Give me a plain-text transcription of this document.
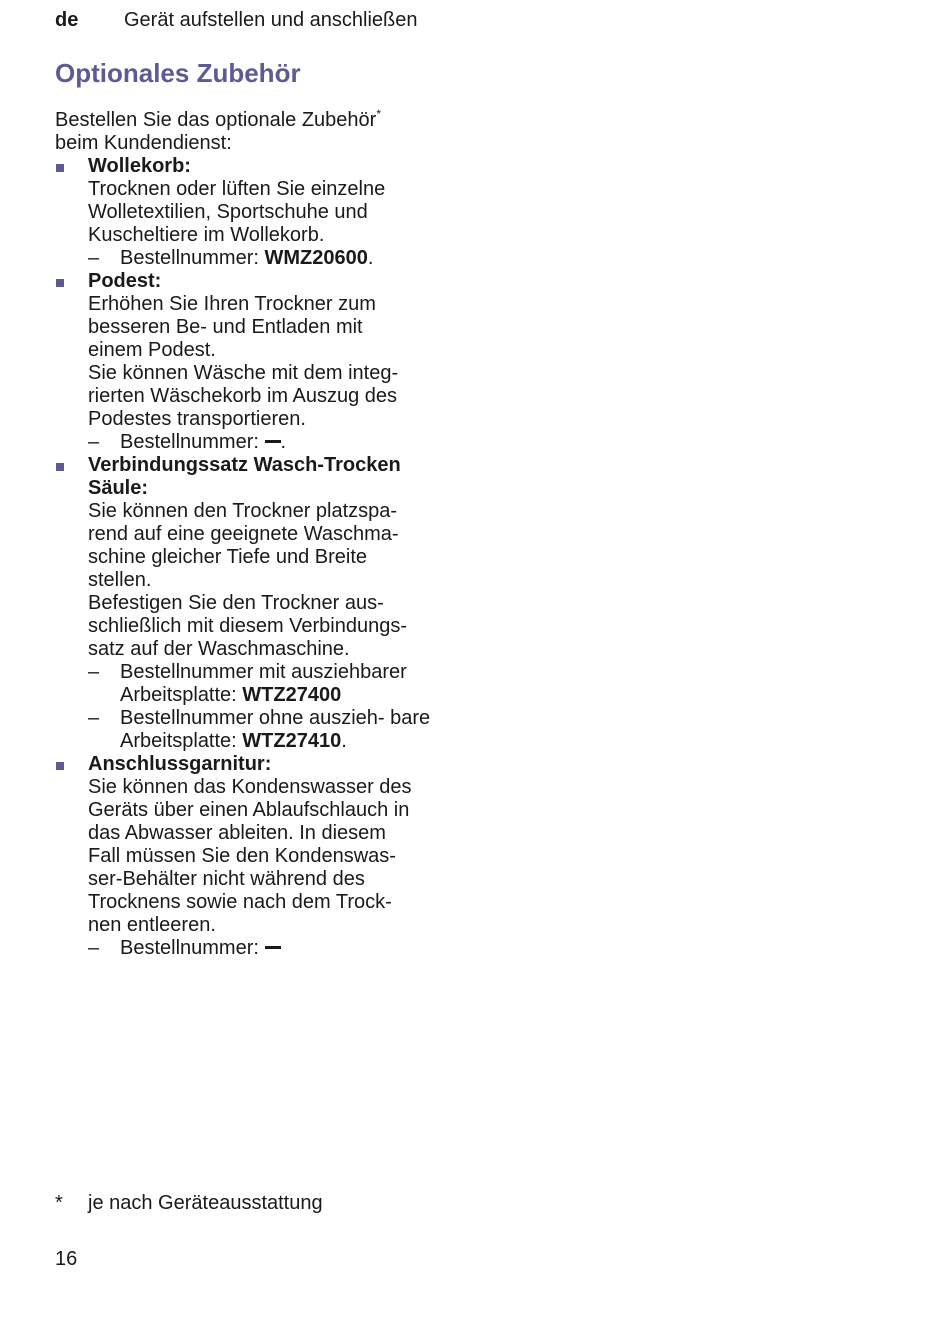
de Gerät aufstellen und anschließen
Optionales Zubehör

Bestellen Sie das optionale Zubehör*
beim Kundendienst:

Wollekorb:
Trocknen oder lüften Sie einzelne
Wolletextilien, Sportschuhe und
Kuscheltiere im Wollekorb.
– Bestellnummer: WMZ20600.
Podest:
Erhöhen Sie Ihren Trockner zum
besseren Be- und Entladen mit
einem Podest.
Sie können Wäsche mit dem integ-
rierten Wäschekorb im Auszug des
Podestes transportieren.
– Bestellnummer: .
Verbindungssatz Wasch-Trocken Säule:
Sie können den Trockner platzspa-
rend auf eine geeignete Waschma-
schine gleicher Tiefe und Breite
stellen.
Befestigen Sie den Trockner aus-
schließlich mit diesem Verbindungs-
satz auf der Waschmaschine.
– Bestellnummer mit ausziehbarer Arbeitsplatte: WTZ27400
– Bestellnummer ohne auszieh- bare Arbeitsplatte: WTZ27410.
Anschlussgarnitur:
Sie können das Kondenswasser des
Geräts über einen Ablaufschlauch in
das Abwasser ableiten. In diesem
Fall müssen Sie den Kondenswas-
ser-Behälter nicht während des
Trocknens sowie nach dem Trock-
nen entleeren.
– Bestellnummer:
* je nach Geräteausstattung
16
